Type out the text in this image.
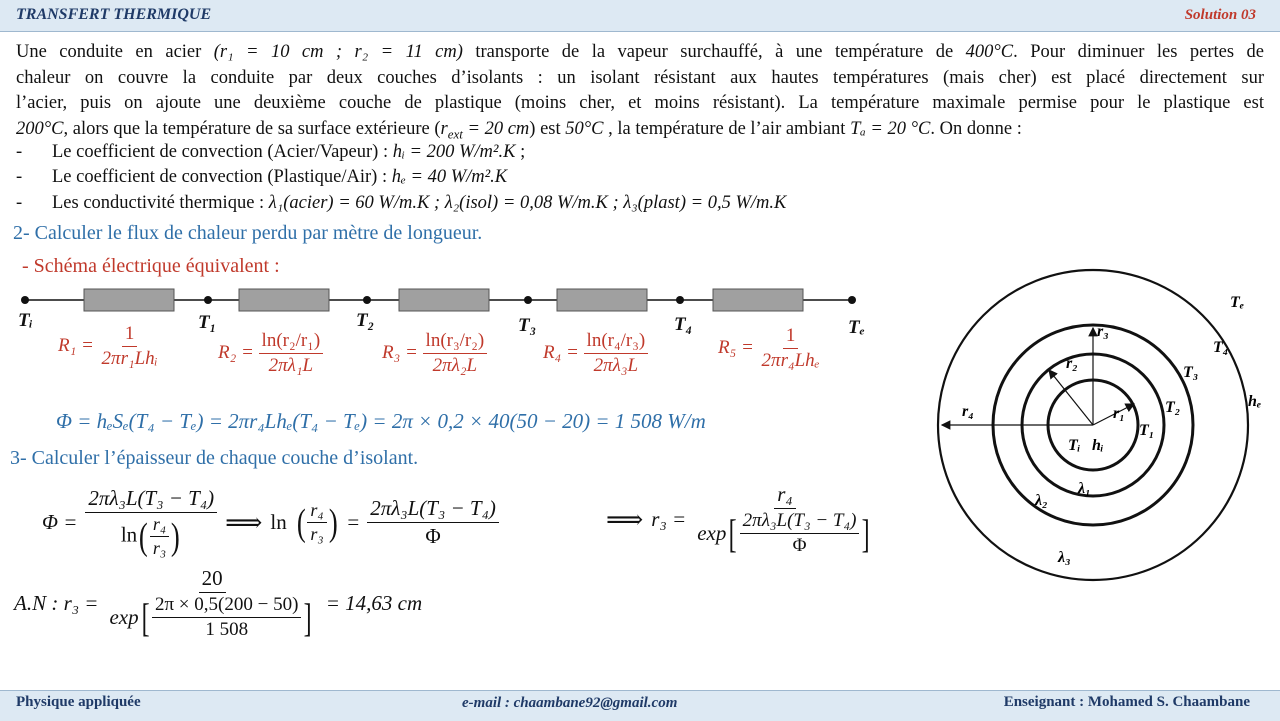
TRANSFERT THERMIQUE	Solution 03
Une conduite en acier (r₁ = 10 cm ; r₂ = 11 cm) transporte de la vapeur surchauffé, à une température de 400°C. Pour diminuer les pertes de
chaleur on couvre la conduite par deux couches d’isolants : un isolant résistant aux hautes températures (mais cher) est placé directement sur
l’acier, puis on ajoute une deuxième couche de plastique (moins cher, et moins résistant). La température maximale permise pour le plastique est
200°C, alors que la température de sa surface extérieure ($r_{ext} = 20$ cm) est 50°C , la température de l’air ambiant Tₐ = 20 °C. On donne :
- Le coefficient de convection (Acier/Vapeur) : hᵢ = 200 W/m².K ;
- Le coefficient de convection (Plastique/Air) : hₑ = 40 W/m².K
- Les conductivité thermique : λ₁(acier) = 60 W/m.K ; λ₂(isol) = 0,08 W/m.K ; λ₃(plast) = 0,5 W/m.K
2- Calculer le flux de chaleur perdu par mètre de longueur.
- Schéma électrique équivalent :
Tᵢ	T₁	T₂	T₃	T₄	Tₑ
$R_1 = \frac{1}{\text{2πr₁Lhᵢ}}$	$R_2 = \frac{\text{ln(r₂/r₁)}}{\text{2πλ₁L}}$	$R_3 = \frac{\text{ln(r₃/r₂)}}{\text{2πλ₂L}}$	$R_4 = \frac{\text{ln(r₄/r₃)}}{\text{2πλ₃L}}$	$R_5 = \frac{1}{\text{2πr₄Lhₑ}}$
Φ = hₑSₑ(T₄ − Tₑ) = 2πr₄Lhₑ(T₄ − Tₑ) = 2π × 0,2 × 40(50 − 20) = 1 508 W/m
3- Calculer l’épaisseur de chaque couche d’isolant.
$\Phi = \frac{\text{2πλ₃L(T₃ − T₄)}}{\ln( \frac{\text{r₄}}{\text{r₃}} )}$ ⟹ ln ( $\frac{\text{r₄}}{\text{r₃}}$ ) = $\frac{\text{2πλ₃L(T₃ − T₄)}}{\Phi}$	⟹ $r_3 = \frac{\text{r₄}}{\exp [ \frac{\text{2πλ₃L(T₃ − T₄)}}{\Phi} ]}$
A.N : $r_3 = \frac{20}{\exp [ \frac{2\pi \times 0,5(200 - 50)}{1 508} ]} = 14,63$ cm
r₃
r₂
r₁
r₄
Tᵢ hᵢ
T₁
T₂
T₃
T₄
Tₑ
hₑ
λ₁
λ₂
λ₃
Physique appliquée	e-mail : chaambane92@gmail.com	Enseignant : Mohamed S. Chaambane
